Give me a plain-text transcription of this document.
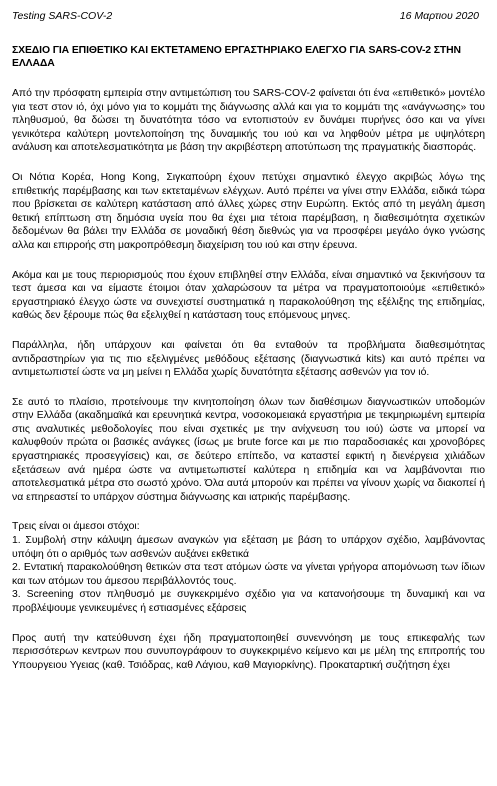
Testing SARS-COV-2	16 Μαρτιου 2020
ΣΧΕΔΙΟ ΓΙΑ ΕΠΙΘΕΤΙΚΟ ΚΑΙ ΕΚΤΕΤΑΜΕΝΟ ΕΡΓΑΣΤΗΡΙΑΚΟ ΕΛΕΓΧΟ ΓΙΑ SARS-COV-2 ΣΤΗΝ ΕΛΛΑΔΑ

Από την πρόσφατη εμπειρία στην αντιμετώπιση του SARS-COV-2 φαίνεται ότι ένα «επιθετικό» μοντέλο για τεστ στον ιό, όχι μόνο για το κομμάτι της διάγνωσης αλλά και για το κομμάτι της «ανάγνωσης» του πληθυσμού, θα δώσει τη δυνατότητα τόσο να εντοπιστούν εν δυνάμει πυρήνες όσο και να γίνει γενικότερα καλύτερη μοντελοποίηση της δυναμικής του ιού και να ληφθούν μέτρα με υψηλότερη ανάλυση και αποτελεσματικότητα με βάση την ακριβέστερη αποτύπωση της πραγματικής διασποράς.

Οι Νότια Κορέα, Hong Kong, Σιγκαπούρη έχουν πετύχει σημαντικό έλεγχο ακριβώς λόγω της επιθετικής παρέμβασης και των εκτεταμένων ελέγχων. Αυτό πρέπει να γίνει στην Ελλάδα, ειδικά τώρα που βρίσκεται σε καλύτερη κατάσταση από άλλες χώρες στην Ευρώπη. Εκτός από τη μεγάλη άμεση θετική επίπτωση στη δημόσια υγεία που θα έχει μια τέτοια παρέμβαση, η διαθεσιμότητα σχετικών δεδομένων θα βάλει την Ελλάδα σε μοναδική θέση διεθνώς για να προσφέρει μεγάλο όγκο γνώσης αλλα και επιρροής στη μακροπρόθεσμη διαχείριση του ιού και στην έρευνα.

Ακόμα και με τους περιορισμούς που έχουν επιβληθεί στην Ελλάδα, είναι σημαντικό να ξεκινήσουν τα τεστ άμεσα και να είμαστε έτοιμοι όταν χαλαρώσουν τα μέτρα να πραγματοποιούμε «επιθετικό» εργαστηριακό έλεγχο ώστε να συνεχιστεί συστηματικά η παρακολούθηση της εξέλιξης της επιδημίας, καθώς δεν ξέρουμε πώς θα εξελιχθεί η κατάσταση τους επόμενους μηνες.

Παράλληλα, ήδη υπάρχουν και φαίνεται ότι θα ενταθούν τα προβλήματα διαθεσιμότητας αντιδραστηρίων για τις πιο εξελιγμένες μεθόδους εξέτασης (διαγνωστικά kits) και αυτό πρέπει να αντιμετωπιστεί ώστε να μη μείνει η Ελλάδα χωρίς δυνατότητα εξέτασης ασθενών για τον ιό.

Σε αυτό το πλαίσιο, προτείνουμε την κινητοποίηση όλων των διαθέσιμων διαγνωστικών υποδομών στην Ελλάδα (ακαδημαϊκά και ερευνητικά κεντρα, νοσοκομειακά εργαστήρια με τεκμηριωμένη εμπειρία στις αναλυτικές μεθοδολογίες που είναι σχετικές με την ανίχνευση του ιού) ώστε να μπορεί να καλυφθούν πρώτα οι βασικές ανάγκες (ίσως με brute force και με πιο παραδοσιακές και χρονοβόρες εργαστηριακές προσεγγίσεις) και, σε δεύτερο επίπεδο, να καταστεί εφικτή η διενέργεια χιλιάδων εξετάσεων ανά ημέρα ώστε να αντιμετωπιστεί καλύτερα η επιδημία και να λαμβάνονται πιο αποτελεσματικά μέτρα στο σωστό χρόνο. Όλα αυτά μπορούν και πρέπει να γίνουν χωρίς να διακοπεί ή να επηρεαστεί το υπάρχον σύστημα διάγνωσης και ιατρικής παρέμβασης.

Τρεις είναι οι άμεσοι στόχοι:

1. Συμβολή στην κάλυψη άμεσων αναγκών για εξέταση με βάση το υπάρχον σχέδιο, λαμβάνοντας υπόψη ότι ο αριθμός των ασθενών αυξάνει εκθετικά
2. Εντατική παρακολούθηση θετικών στα τεστ ατόμων ώστε να γίνεται γρήγορα απομόνωση των ίδιων και των ατόμων του άμεσου περιβάλλοντός τους.
3. Screening στον πληθυσμό με συγκεκριμένο σχέδιο για να κατανοήσουμε τη δυναμική και να προβλέψουμε γενικευμένες ή εστιασμένες εξάρσεις

Προς αυτή την κατεύθυνση έχει ήδη πραγματοποιηθεί συνεννόηση με τους επικεφαλής των περισσότερων κεντρων που συνυπογράφουν το συγκεκριμένο κείμενο και με μέλη της επιτροπής του Υπουργειου Υγειας (καθ. Τσιόδρας, καθ Λάγιου, καθ Μαγιορκίνης). Προκαταρτική συζήτηση έχει
